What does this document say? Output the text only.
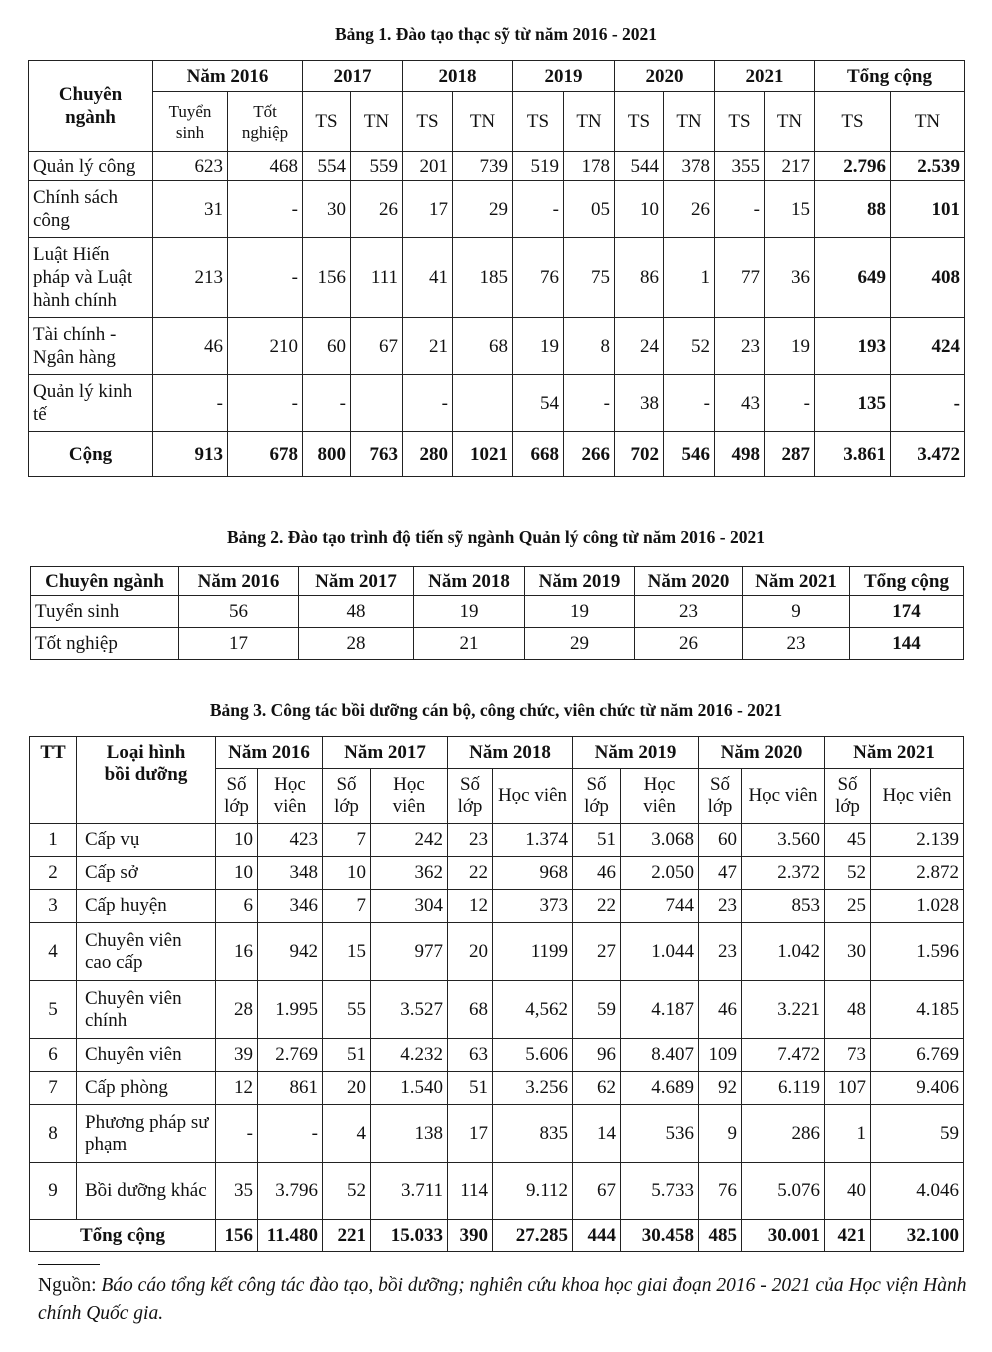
Bảng 1. Đào tạo thạc sỹ từ năm 2016 - 2021
Chuyên ngành	Năm 2016		2017		2018		2019		2020		2021		Tổng cộng	
	Tuyển sinh	Tốt nghiệp	TS	TN	TS	TN	TS	TN	TS	TN	TS	TN	TS	TN
Quản lý công	623	468	554	559	201	739	519	178	544	378	355	217	2.796	2.539
Chính sách công	31	-	30	26	17	29	-	05	10	26	-	15	88	101
Luật Hiến pháp và Luật hành chính	213	-	156	111	41	185	76	75	86	1	77	36	649	408
Tài chính - Ngân hàng	46	210	60	67	21	68	19	8	24	52	23	19	193	424
Quản lý kinh tế	-	-	-		-		54	-	38	-	43	-	135	-
Cộng	913	678	800	763	280	1021	668	266	702	546	498	287	3.861	3.472
Bảng 2. Đào tạo trình độ tiến sỹ ngành Quản lý công từ năm 2016 - 2021
Chuyên ngành	Năm 2016	Năm 2017	Năm 2018	Năm 2019	Năm 2020	Năm 2021	Tổng cộng
Tuyển sinh	56	48	19	19	23	9	174
Tốt nghiệp	17	28	21	29	26	23	144
Bảng 3. Công tác bồi dưỡng cán bộ, công chức, viên chức từ năm 2016 - 2021
TT	Loại hình bồi dưỡng	Năm 2016		Năm 2017		Năm 2018		Năm 2019		Năm 2020		Năm 2021	
		Số lớp	Học viên	Số lớp	Học viên	Số lớp	Học viên	Số lớp	Học viên	Số lớp	Học viên	Số lớp	Học viên
1	Cấp vụ	10	423	7	242	23	1.374	51	3.068	60	3.560	45	2.139
2	Cấp sở	10	348	10	362	22	968	46	2.050	47	2.372	52	2.872
3	Cấp huyện	6	346	7	304	12	373	22	744	23	853	25	1.028
4	Chuyên viên cao cấp	16	942	15	977	20	1199	27	1.044	23	1.042	30	1.596
5	Chuyên viên chính	28	1.995	55	3.527	68	4,562	59	4.187	46	3.221	48	4.185
6	Chuyên viên	39	2.769	51	4.232	63	5.606	96	8.407	109	7.472	73	6.769
7	Cấp phòng	12	861	20	1.540	51	3.256	62	4.689	92	6.119	107	9.406
8	Phương pháp sư phạm	-	-	4	138	17	835	14	536	9	286	1	59
9	Bồi dưỡng khác	35	3.796	52	3.711	114	9.112	67	5.733	76	5.076	40	4.046
Tổng cộng		156	11.480	221	15.033	390	27.285	444	30.458	485	30.001	421	32.100
Nguồn: Báo cáo tổng kết công tác đào tạo, bồi dưỡng; nghiên cứu khoa học giai đoạn 2016 - 2021 của Học viện Hành chính Quốc gia.
